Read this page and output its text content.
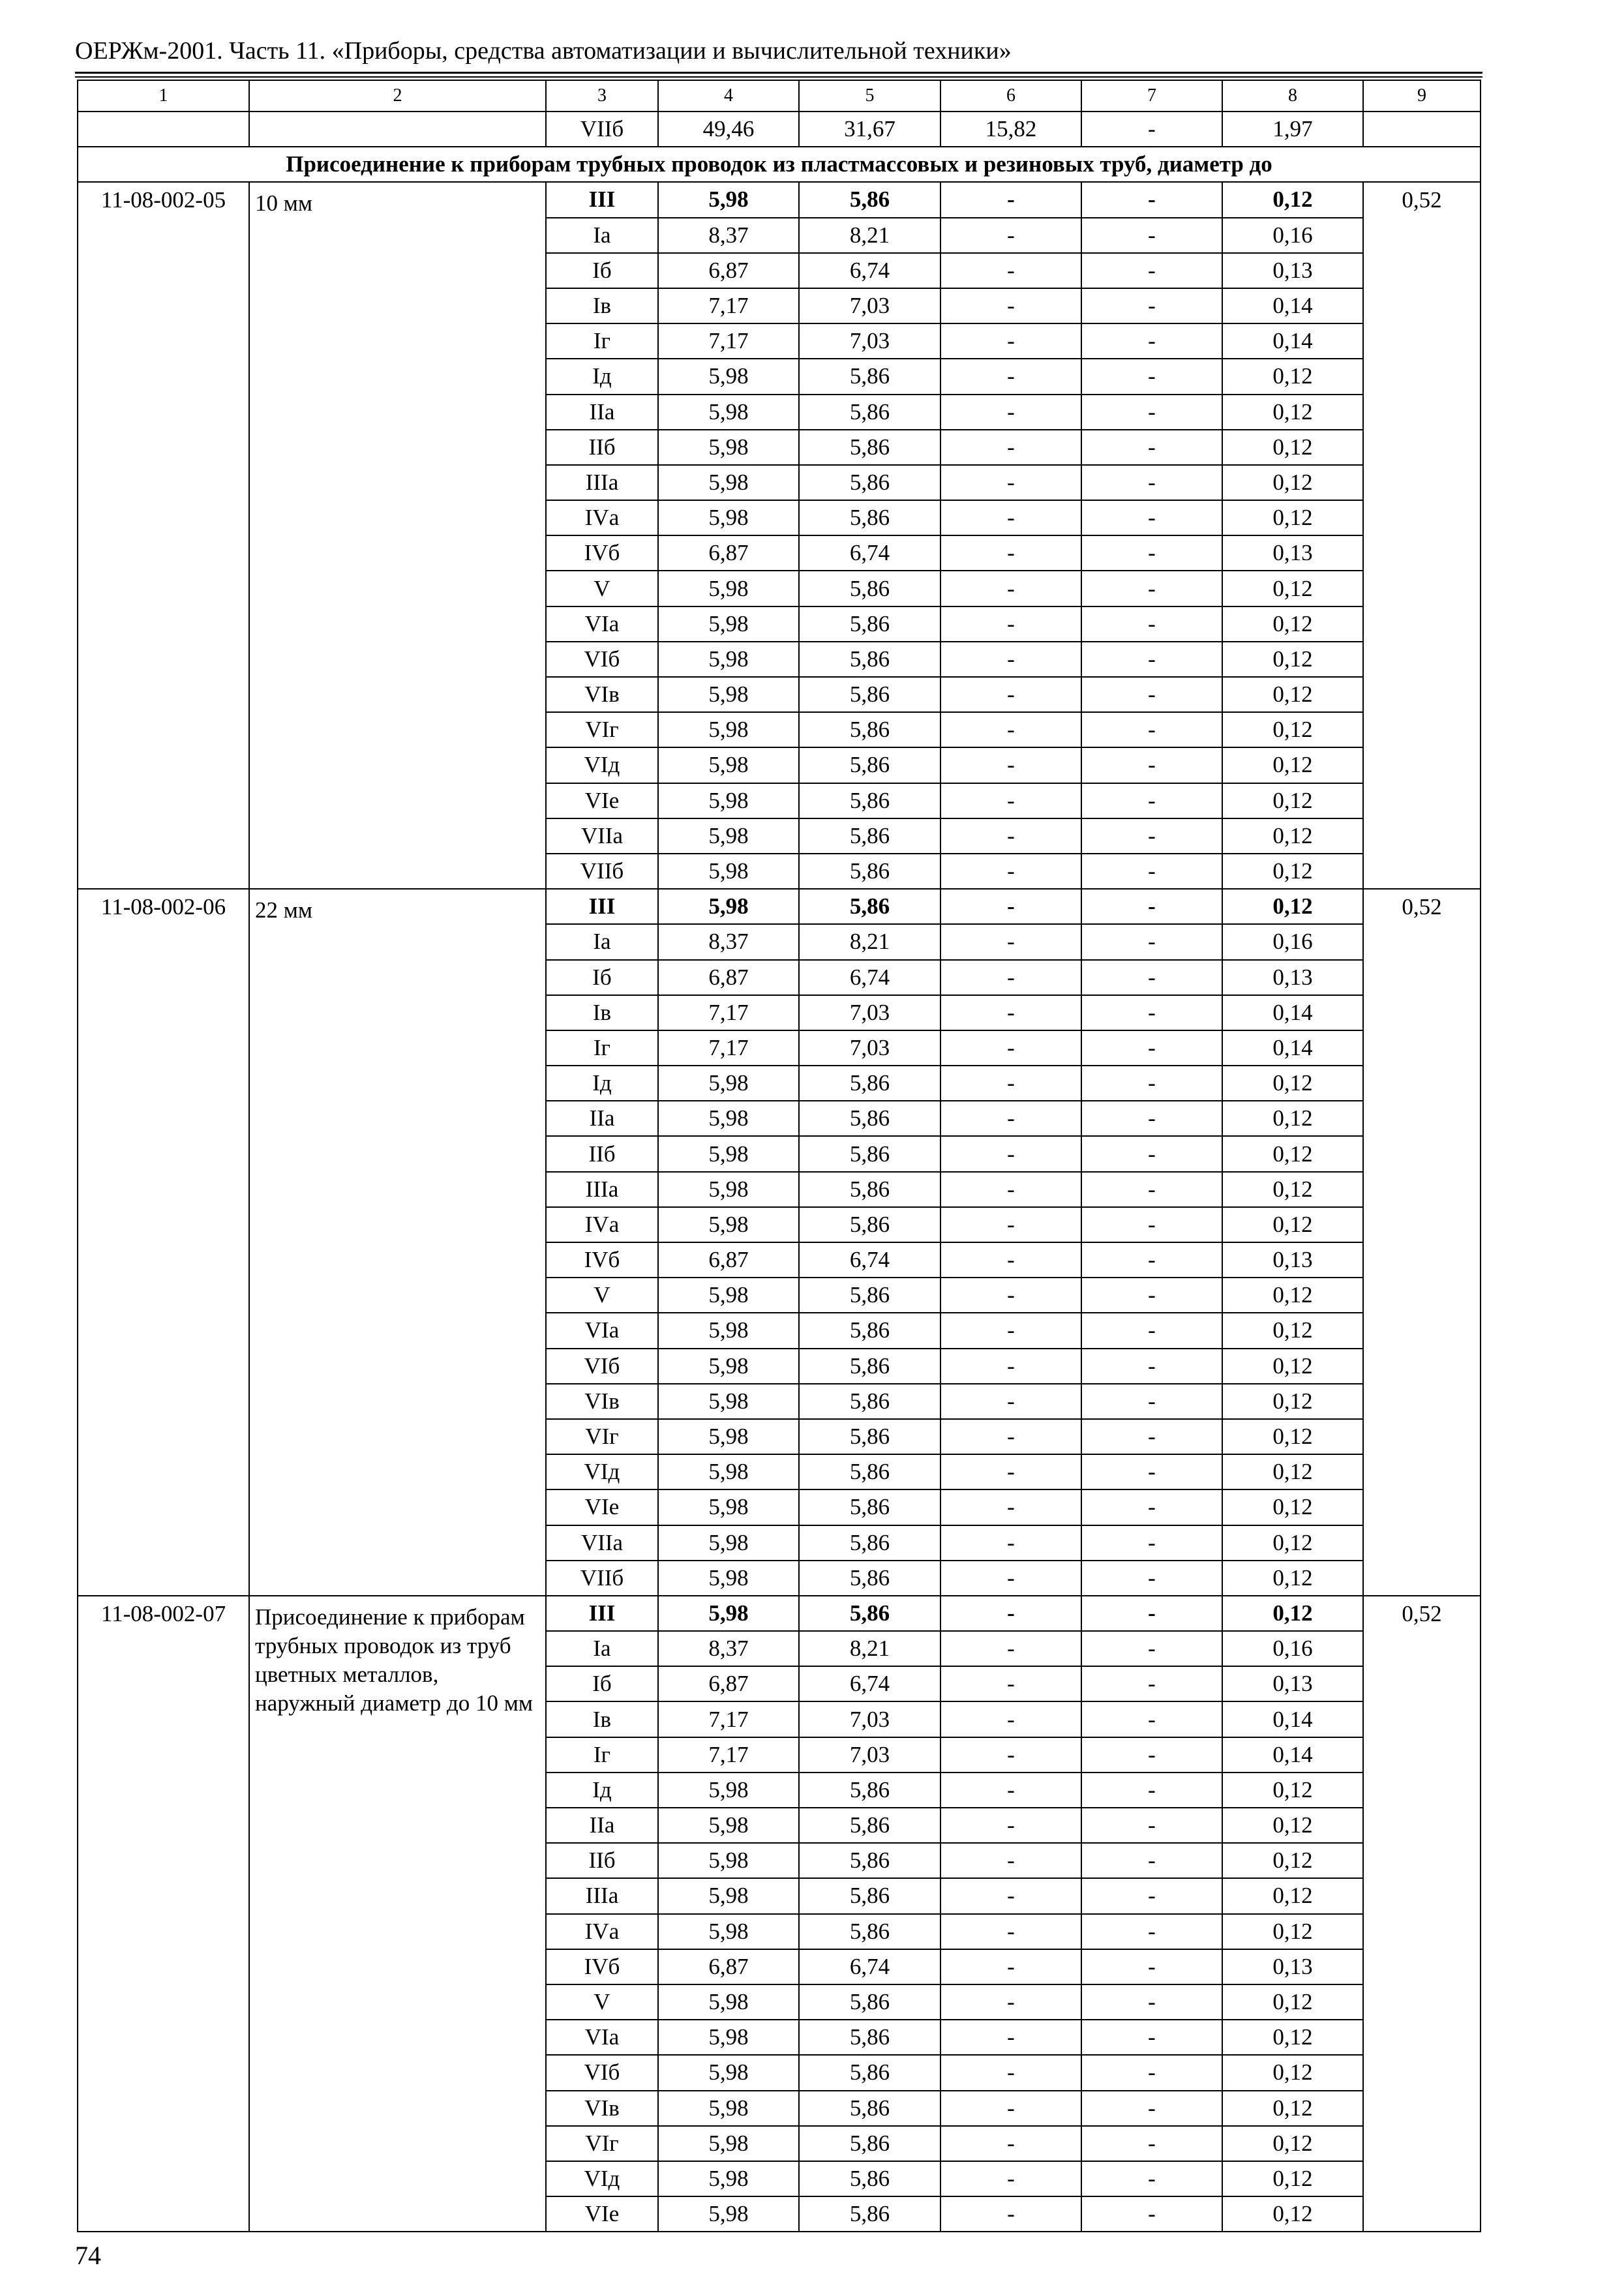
ОЕРЖм-2001. Часть 11. «Приборы, средства автоматизации и вычислительной техники»
1	2	3	4	5	6	7	8	9
		VIIб	49,46	31,67	15,82	-	1,97	
Присоединение к приборам трубных проводок из пластмассовых и резиновых труб, диаметр до								
11-08-002-05	10 мм	III	5,98	5,86	-	-	0,12	0,52
		Iа	8,37	8,21	-	-	0,16	
		Iб	6,87	6,74	-	-	0,13	
		Iв	7,17	7,03	-	-	0,14	
		Iг	7,17	7,03	-	-	0,14	
		Iд	5,98	5,86	-	-	0,12	
		IIа	5,98	5,86	-	-	0,12	
		IIб	5,98	5,86	-	-	0,12	
		IIIа	5,98	5,86	-	-	0,12	
		IVа	5,98	5,86	-	-	0,12	
		IVб	6,87	6,74	-	-	0,13	
		V	5,98	5,86	-	-	0,12	
		VIа	5,98	5,86	-	-	0,12	
		VIб	5,98	5,86	-	-	0,12	
		VIв	5,98	5,86	-	-	0,12	
		VIг	5,98	5,86	-	-	0,12	
		VIд	5,98	5,86	-	-	0,12	
		VIе	5,98	5,86	-	-	0,12	
		VIIа	5,98	5,86	-	-	0,12	
		VIIб	5,98	5,86	-	-	0,12	
11-08-002-06	22 мм	III	5,98	5,86	-	-	0,12	0,52
		Iа	8,37	8,21	-	-	0,16	
		Iб	6,87	6,74	-	-	0,13	
		Iв	7,17	7,03	-	-	0,14	
		Iг	7,17	7,03	-	-	0,14	
		Iд	5,98	5,86	-	-	0,12	
		IIа	5,98	5,86	-	-	0,12	
		IIб	5,98	5,86	-	-	0,12	
		IIIа	5,98	5,86	-	-	0,12	
		IVа	5,98	5,86	-	-	0,12	
		IVб	6,87	6,74	-	-	0,13	
		V	5,98	5,86	-	-	0,12	
		VIа	5,98	5,86	-	-	0,12	
		VIб	5,98	5,86	-	-	0,12	
		VIв	5,98	5,86	-	-	0,12	
		VIг	5,98	5,86	-	-	0,12	
		VIд	5,98	5,86	-	-	0,12	
		VIе	5,98	5,86	-	-	0,12	
		VIIа	5,98	5,86	-	-	0,12	
		VIIб	5,98	5,86	-	-	0,12	
11-08-002-07	Присоединение к приборам трубных проводок из труб цветных металлов, наружный диаметр до 10 мм	III	5,98	5,86	-	-	0,12	0,52
		Iа	8,37	8,21	-	-	0,16	
		Iб	6,87	6,74	-	-	0,13	
		Iв	7,17	7,03	-	-	0,14	
		Iг	7,17	7,03	-	-	0,14	
		Iд	5,98	5,86	-	-	0,12	
		IIа	5,98	5,86	-	-	0,12	
		IIб	5,98	5,86	-	-	0,12	
		IIIа	5,98	5,86	-	-	0,12	
		IVа	5,98	5,86	-	-	0,12	
		IVб	6,87	6,74	-	-	0,13	
		V	5,98	5,86	-	-	0,12	
		VIа	5,98	5,86	-	-	0,12	
		VIб	5,98	5,86	-	-	0,12	
		VIв	5,98	5,86	-	-	0,12	
		VIг	5,98	5,86	-	-	0,12	
		VIд	5,98	5,86	-	-	0,12	
		VIе	5,98	5,86	-	-	0,12	
74
